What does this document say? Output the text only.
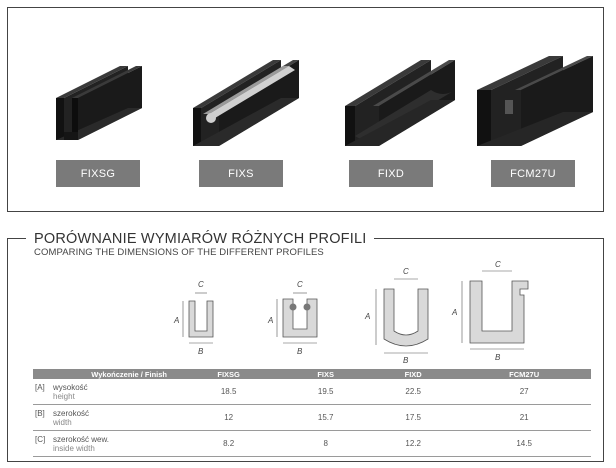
FIXSG	FIXS	FIXD	FCM27U
PORÓWNANIE WYMIARÓW RÓŻNYCH PROFILI
COMPARING THE DIMENSIONS OF THE DIFFERENT PROFILES
C
B
A
C
B
A
C
B
A
C
B
A
Wykończenie / Finish	FIXSG	FIXS	FIXD	FCM27U
[A] wysokość
height	18.5	19.5	22.5	27
[B] szerokość
width	12	15.7	17.5	21
[C] szerokość wew.
inside width	8.2	8	12.2	14.5
